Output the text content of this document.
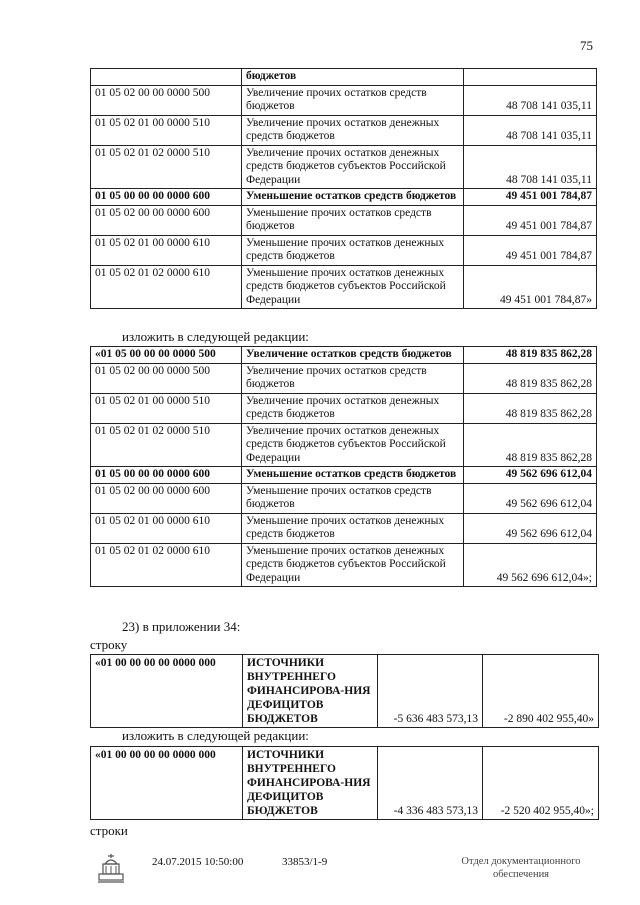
75
	бюджетов	
01 05 02 00 00 0000 500	Увеличение прочих остатков средств бюджетов	48 708 141 035,11
01 05 02 01 00 0000 510	Увеличение прочих остатков денежных средств бюджетов	48 708 141 035,11
01 05 02 01 02 0000 510	Увеличение прочих остатков денежных средств бюджетов субъектов Российской Федерации	48 708 141 035,11
01 05 00 00 00 0000 600	Уменьшение остатков средств бюджетов	49 451 001 784,87
01 05 02 00 00 0000 600	Уменьшение прочих остатков средств бюджетов	49 451 001 784,87
01 05 02 01 00 0000 610	Уменьшение прочих остатков денежных средств бюджетов	49 451 001 784,87
01 05 02 01 02 0000 610	Уменьшение прочих остатков денежных средств бюджетов субъектов Российской Федерации	49 451 001 784,87»
изложить в следующей редакции:
«01 05 00 00 00 0000 500	Увеличение остатков средств бюджетов	48 819 835 862,28
01 05 02 00 00 0000 500	Увеличение прочих остатков средств бюджетов	48 819 835 862,28
01 05 02 01 00 0000 510	Увеличение прочих остатков денежных средств бюджетов	48 819 835 862,28
01 05 02 01 02 0000 510	Увеличение прочих остатков денежных средств бюджетов субъектов Российской Федерации	48 819 835 862,28
01 05 00 00 00 0000 600	Уменьшение остатков средств бюджетов	49 562 696 612,04
01 05 02 00 00 0000 600	Уменьшение прочих остатков средств бюджетов	49 562 696 612,04
01 05 02 01 00 0000 610	Уменьшение прочих остатков денежных средств бюджетов	49 562 696 612,04
01 05 02 01 02 0000 610	Уменьшение прочих остатков денежных средств бюджетов субъектов Российской Федерации	49 562 696 612,04»;
23) в приложении 34:
строку
«01 00 00 00 00 0000 000	ИСТОЧНИКИ ВНУТРЕННЕГО ФИНАНСИРОВА-НИЯ ДЕФИЦИТОВ БЮДЖЕТОВ	-5 636 483 573,13	-2 890 402 955,40»
изложить в следующей редакции:
«01 00 00 00 00 0000 000	ИСТОЧНИКИ ВНУТРЕННЕГО ФИНАНСИРОВА-НИЯ ДЕФИЦИТОВ БЮДЖЕТОВ	-4 336 483 573,13	-2 520 402 955,40»;
строки
24.07.2015 10:50:00	33853/1-9	Отдел документационного обеспечения
